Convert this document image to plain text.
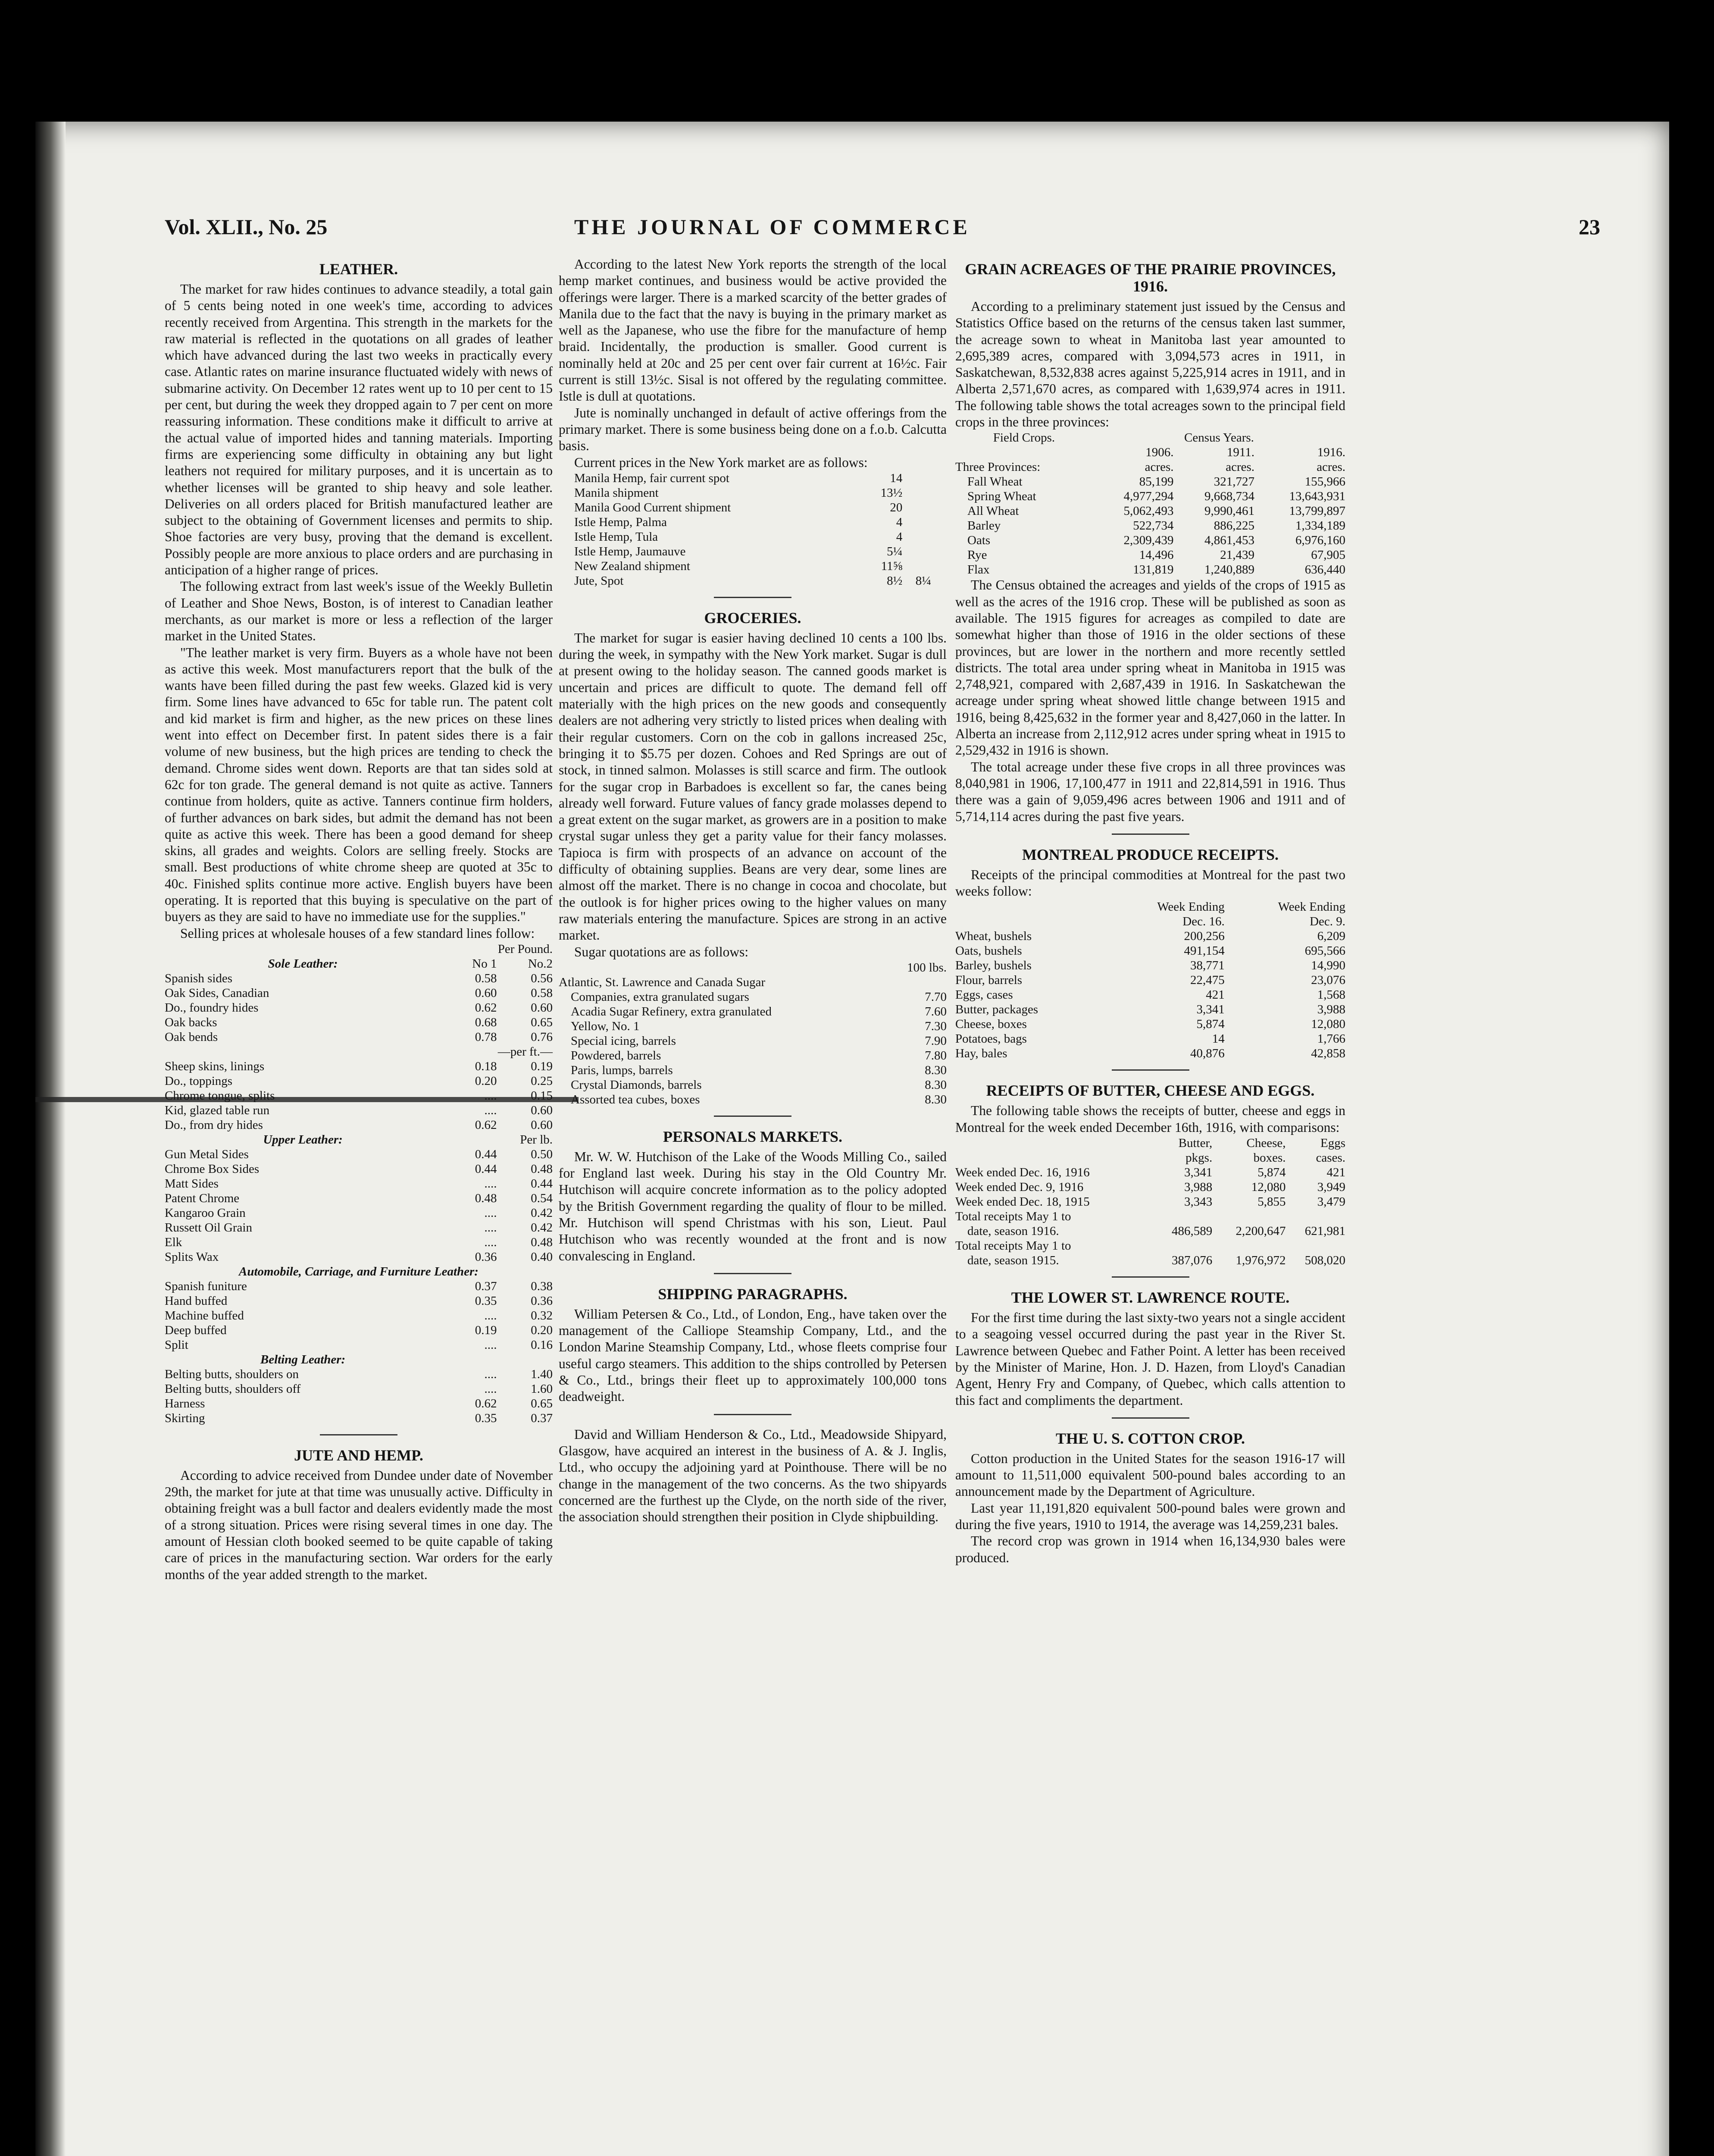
Vol. XLII., No. 25	THE JOURNAL OF COMMERCE	23
LEATHER.

The market for raw hides continues to advance steadily, a total gain of 5 cents being noted in one week's time, according to advices recently received from Argentina. This strength in the markets for the raw material is reflected in the quotations on all grades of leather which have advanced during the last two weeks in practically every case. Atlantic rates on marine insurance fluctuated widely with news of submarine activity. On December 12 rates went up to 10 per cent to 15 per cent, but during the week they dropped again to 7 per cent on more reassuring information. These conditions make it difficult to arrive at the actual value of imported hides and tanning materials. Importing firms are experiencing some difficulty in obtaining any but light leathers not required for military purposes, and it is uncertain as to whether licenses will be granted to ship heavy and sole leather. Deliveries on all orders placed for British manufactured leather are subject to the obtaining of Government licenses and permits to ship. Shoe factories are very busy, proving that the demand is excellent. Possibly people are more anxious to place orders and are purchasing in anticipation of a higher range of prices.

The following extract from last week's issue of the Weekly Bulletin of Leather and Shoe News, Boston, is of interest to Canadian leather merchants, as our market is more or less a reflection of the larger market in the United States.

"The leather market is very firm. Buyers as a whole have not been as active this week. Most manufacturers report that the bulk of the wants have been filled during the past few weeks. Glazed kid is very firm. Some lines have advanced to 65c for table run. The patent colt and kid market is firm and higher, as the new prices on these lines went into effect on December first. In patent sides there is a fair volume of new business, but the high prices are tending to check the demand. Chrome sides went down. Reports are that tan sides sold at 62c for ton grade. The general demand is not quite as active. Tanners continue from holders, quite as active. Tanners continue firm holders, of further advances on bark sides, but admit the demand has not been quite as active this week. There has been a good demand for sheep skins, all grades and weights. Colors are selling freely. Stocks are small. Best productions of white chrome sheep are quoted at 35c to 40c. Finished splits continue more active. English buyers have been operating. It is reported that this buying is speculative on the part of buyers as they are said to have no immediate use for the supplies."

Selling prices at wholesale houses of a few standard lines follow:

	Per Pound.	
Sole Leather:	No 1	No.2
Spanish sides	0.58	0.56
Oak Sides, Canadian	0.60	0.58
Do., foundry hides	0.62	0.60
Oak backs	0.68	0.65
Oak bends	0.78	0.76
	—per ft.—	
Sheep skins, linings	0.18	0.19
Do., toppings	0.20	0.25
Chrome tongue, splits	....	0.15
Kid, glazed table run	....	0.60
Do., from dry hides	0.62	0.60
Upper Leather:	Per lb.	
Gun Metal Sides	0.44	0.50
Chrome Box Sides	0.44	0.48
Matt Sides	....	0.44
Patent Chrome	0.48	0.54
Kangaroo Grain	....	0.42
Russett Oil Grain	....	0.42
Elk	....	0.48
Splits Wax	0.36	0.40
Automobile, Carriage, and Furniture Leather:		
Spanish funiture	0.37	0.38
Hand buffed	0.35	0.36
Machine buffed	....	0.32
Deep buffed	0.19	0.20
Split	....	0.16
Belting Leather:		
Belting butts, shoulders on	....	1.40
Belting butts, shoulders off	....	1.60
Harness	0.62	0.65
Skirting	0.35	0.37
JUTE AND HEMP.

According to advice received from Dundee under date of November 29th, the market for jute at that time was unusually active. Difficulty in obtaining freight was a bull factor and dealers evidently made the most of a strong situation. Prices were rising several times in one day. The amount of Hessian cloth booked seemed to be quite capable of taking care of prices in the manufacturing section. War orders for the early months of the year added strength to the market.

According to the latest New York reports the strength of the local hemp market continues, and business would be active provided the offerings were larger. There is a marked scarcity of the better grades of Manila due to the fact that the navy is buying in the primary market as well as the Japanese, who use the fibre for the manufacture of hemp braid. Incidentally, the production is smaller. Good current is nominally held at 20c and 25 per cent over fair current at 16½c. Fair current is still 13½c. Sisal is not offered by the regulating committee. Istle is dull at quotations.

Jute is nominally unchanged in default of active offerings from the primary market. There is some business being done on a f.o.b. Calcutta basis.

Current prices in the New York market are as follows:

Manila Hemp, fair current spot	14	
Manila shipment	13½	
Manila Good Current shipment	20	
Istle Hemp, Palma	4	
Istle Hemp, Tula	4	
Istle Hemp, Jaumauve	5¼	
New Zealand shipment	11⅝	
Jute, Spot	8½	8¼
GROCERIES.

The market for sugar is easier having declined 10 cents a 100 lbs. during the week, in sympathy with the New York market. Sugar is dull at present owing to the holiday season. The canned goods market is uncertain and prices are difficult to quote. The demand fell off materially with the high prices on the new goods and consequently dealers are not adhering very strictly to listed prices when dealing with their regular customers. Corn on the cob in gallons increased 25c, bringing it to $5.75 per dozen. Cohoes and Red Springs are out of stock, in tinned salmon. Molasses is still scarce and firm. The outlook for the sugar crop in Barbadoes is excellent so far, the canes being already well forward. Future values of fancy grade molasses depend to a great extent on the sugar market, as growers are in a position to make crystal sugar unless they get a parity value for their fancy molasses. Tapioca is firm with prospects of an advance on account of the difficulty of obtaining supplies. Beans are very dear, some lines are almost off the market. There is no change in cocoa and chocolate, but the outlook is for higher prices owing to the higher values on many raw materials entering the manufacture. Spices are strong in an active market.

Sugar quotations are as follows:

	100 lbs.
Atlantic, St. Lawrence and Canada Sugar	
Companies, extra granulated sugars	7.70
Acadia Sugar Refinery, extra granulated	7.60
Yellow, No. 1	7.30
Special icing, barrels	7.90
Powdered, barrels	7.80
Paris, lumps, barrels	8.30
Crystal Diamonds, barrels	8.30
Assorted tea cubes, boxes	8.30
PERSONALS MARKETS.

Mr. W. W. Hutchison of the Lake of the Woods Milling Co., sailed for England last week. During his stay in the Old Country Mr. Hutchison will acquire concrete information as to the policy adopted by the British Government regarding the quality of flour to be milled. Mr. Hutchison will spend Christmas with his son, Lieut. Paul Hutchison who was recently wounded at the front and is now convalescing in England.

SHIPPING PARAGRAPHS.

William Petersen & Co., Ltd., of London, Eng., have taken over the management of the Calliope Steamship Company, Ltd., and the London Marine Steamship Company, Ltd., whose fleets comprise four useful cargo steamers. This addition to the ships controlled by Petersen & Co., Ltd., brings their fleet up to approximately 100,000 tons deadweight.

David and William Henderson & Co., Ltd., Meadowside Shipyard, Glasgow, have acquired an interest in the business of A. & J. Inglis, Ltd., who occupy the adjoining yard at Pointhouse. There will be no change in the management of the two concerns. As the two shipyards concerned are the furthest up the Clyde, on the north side of the river, the association should strengthen their position in Clyde shipbuilding.

GRAIN ACREAGES OF THE PRAIRIE PROVINCES, 1916.

According to a preliminary statement just issued by the Census and Statistics Office based on the returns of the census taken last summer, the acreage sown to wheat in Manitoba last year amounted to 2,695,389 acres, compared with 3,094,573 acres in 1911, in Saskatchewan, 8,532,838 acres against 5,225,914 acres in 1911, and in Alberta 2,571,670 acres, as compared with 1,639,974 acres in 1911. The following table shows the total acreages sown to the principal field crops in the three provinces:

Field Crops.	Census Years.		
	1906.	1911.	1916.
Three Provinces:	acres.	acres.	acres.
Fall Wheat	85,199	321,727	155,966
Spring Wheat	4,977,294	9,668,734	13,643,931
All Wheat	5,062,493	9,990,461	13,799,897
Barley	522,734	886,225	1,334,189
Oats	2,309,439	4,861,453	6,976,160
Rye	14,496	21,439	67,905
Flax	131,819	1,240,889	636,440

The Census obtained the acreages and yields of the crops of 1915 as well as the acres of the 1916 crop. These will be published as soon as available. The 1915 figures for acreages as compiled to date are somewhat higher than those of 1916 in the older sections of these provinces, but are lower in the northern and more recently settled districts. The total area under spring wheat in Manitoba in 1915 was 2,748,921, compared with 2,687,439 in 1916. In Saskatchewan the acreage under spring wheat showed little change between 1915 and 1916, being 8,425,632 in the former year and 8,427,060 in the latter. In Alberta an increase from 2,112,912 acres under spring wheat in 1915 to 2,529,432 in 1916 is shown.

The total acreage under these five crops in all three provinces was 8,040,981 in 1906, 17,100,477 in 1911 and 22,814,591 in 1916. Thus there was a gain of 9,059,496 acres between 1906 and 1911 and of 5,714,114 acres during the past five years.

MONTREAL PRODUCE RECEIPTS.

Receipts of the principal commodities at Montreal for the past two weeks follow:

	Week Ending	Week Ending
	Dec. 16.	Dec. 9.
Wheat, bushels	200,256	6,209
Oats, bushels	491,154	695,566
Barley, bushels	38,771	14,990
Flour, barrels	22,475	23,076
Eggs, cases	421	1,568
Butter, packages	3,341	3,988
Cheese, boxes	5,874	12,080
Potatoes, bags	14	1,766
Hay, bales	40,876	42,858
RECEIPTS OF BUTTER, CHEESE AND EGGS.

The following table shows the receipts of butter, cheese and eggs in Montreal for the week ended December 16th, 1916, with comparisons:

	Butter,	Cheese,	Eggs
	pkgs.	boxes.	cases.
Week ended Dec. 16, 1916	3,341	5,874	421
Week ended Dec. 9, 1916	3,988	12,080	3,949
Week ended Dec. 18, 1915	3,343	5,855	3,479
Total receipts May 1 to			
date, season 1916.	486,589	2,200,647	621,981
Total receipts May 1 to			
date, season 1915.	387,076	1,976,972	508,020
THE LOWER ST. LAWRENCE ROUTE.

For the first time during the last sixty-two years not a single accident to a seagoing vessel occurred during the past year in the River St. Lawrence between Quebec and Father Point. A letter has been received by the Minister of Marine, Hon. J. D. Hazen, from Lloyd's Canadian Agent, Henry Fry and Company, of Quebec, which calls attention to this fact and compliments the department.

THE U. S. COTTON CROP.

Cotton production in the United States for the season 1916-17 will amount to 11,511,000 equivalent 500-pound bales according to an announcement made by the Department of Agriculture.

Last year 11,191,820 equivalent 500-pound bales were grown and during the five years, 1910 to 1914, the average was 14,259,231 bales.

The record crop was grown in 1914 when 16,134,930 bales were produced.
